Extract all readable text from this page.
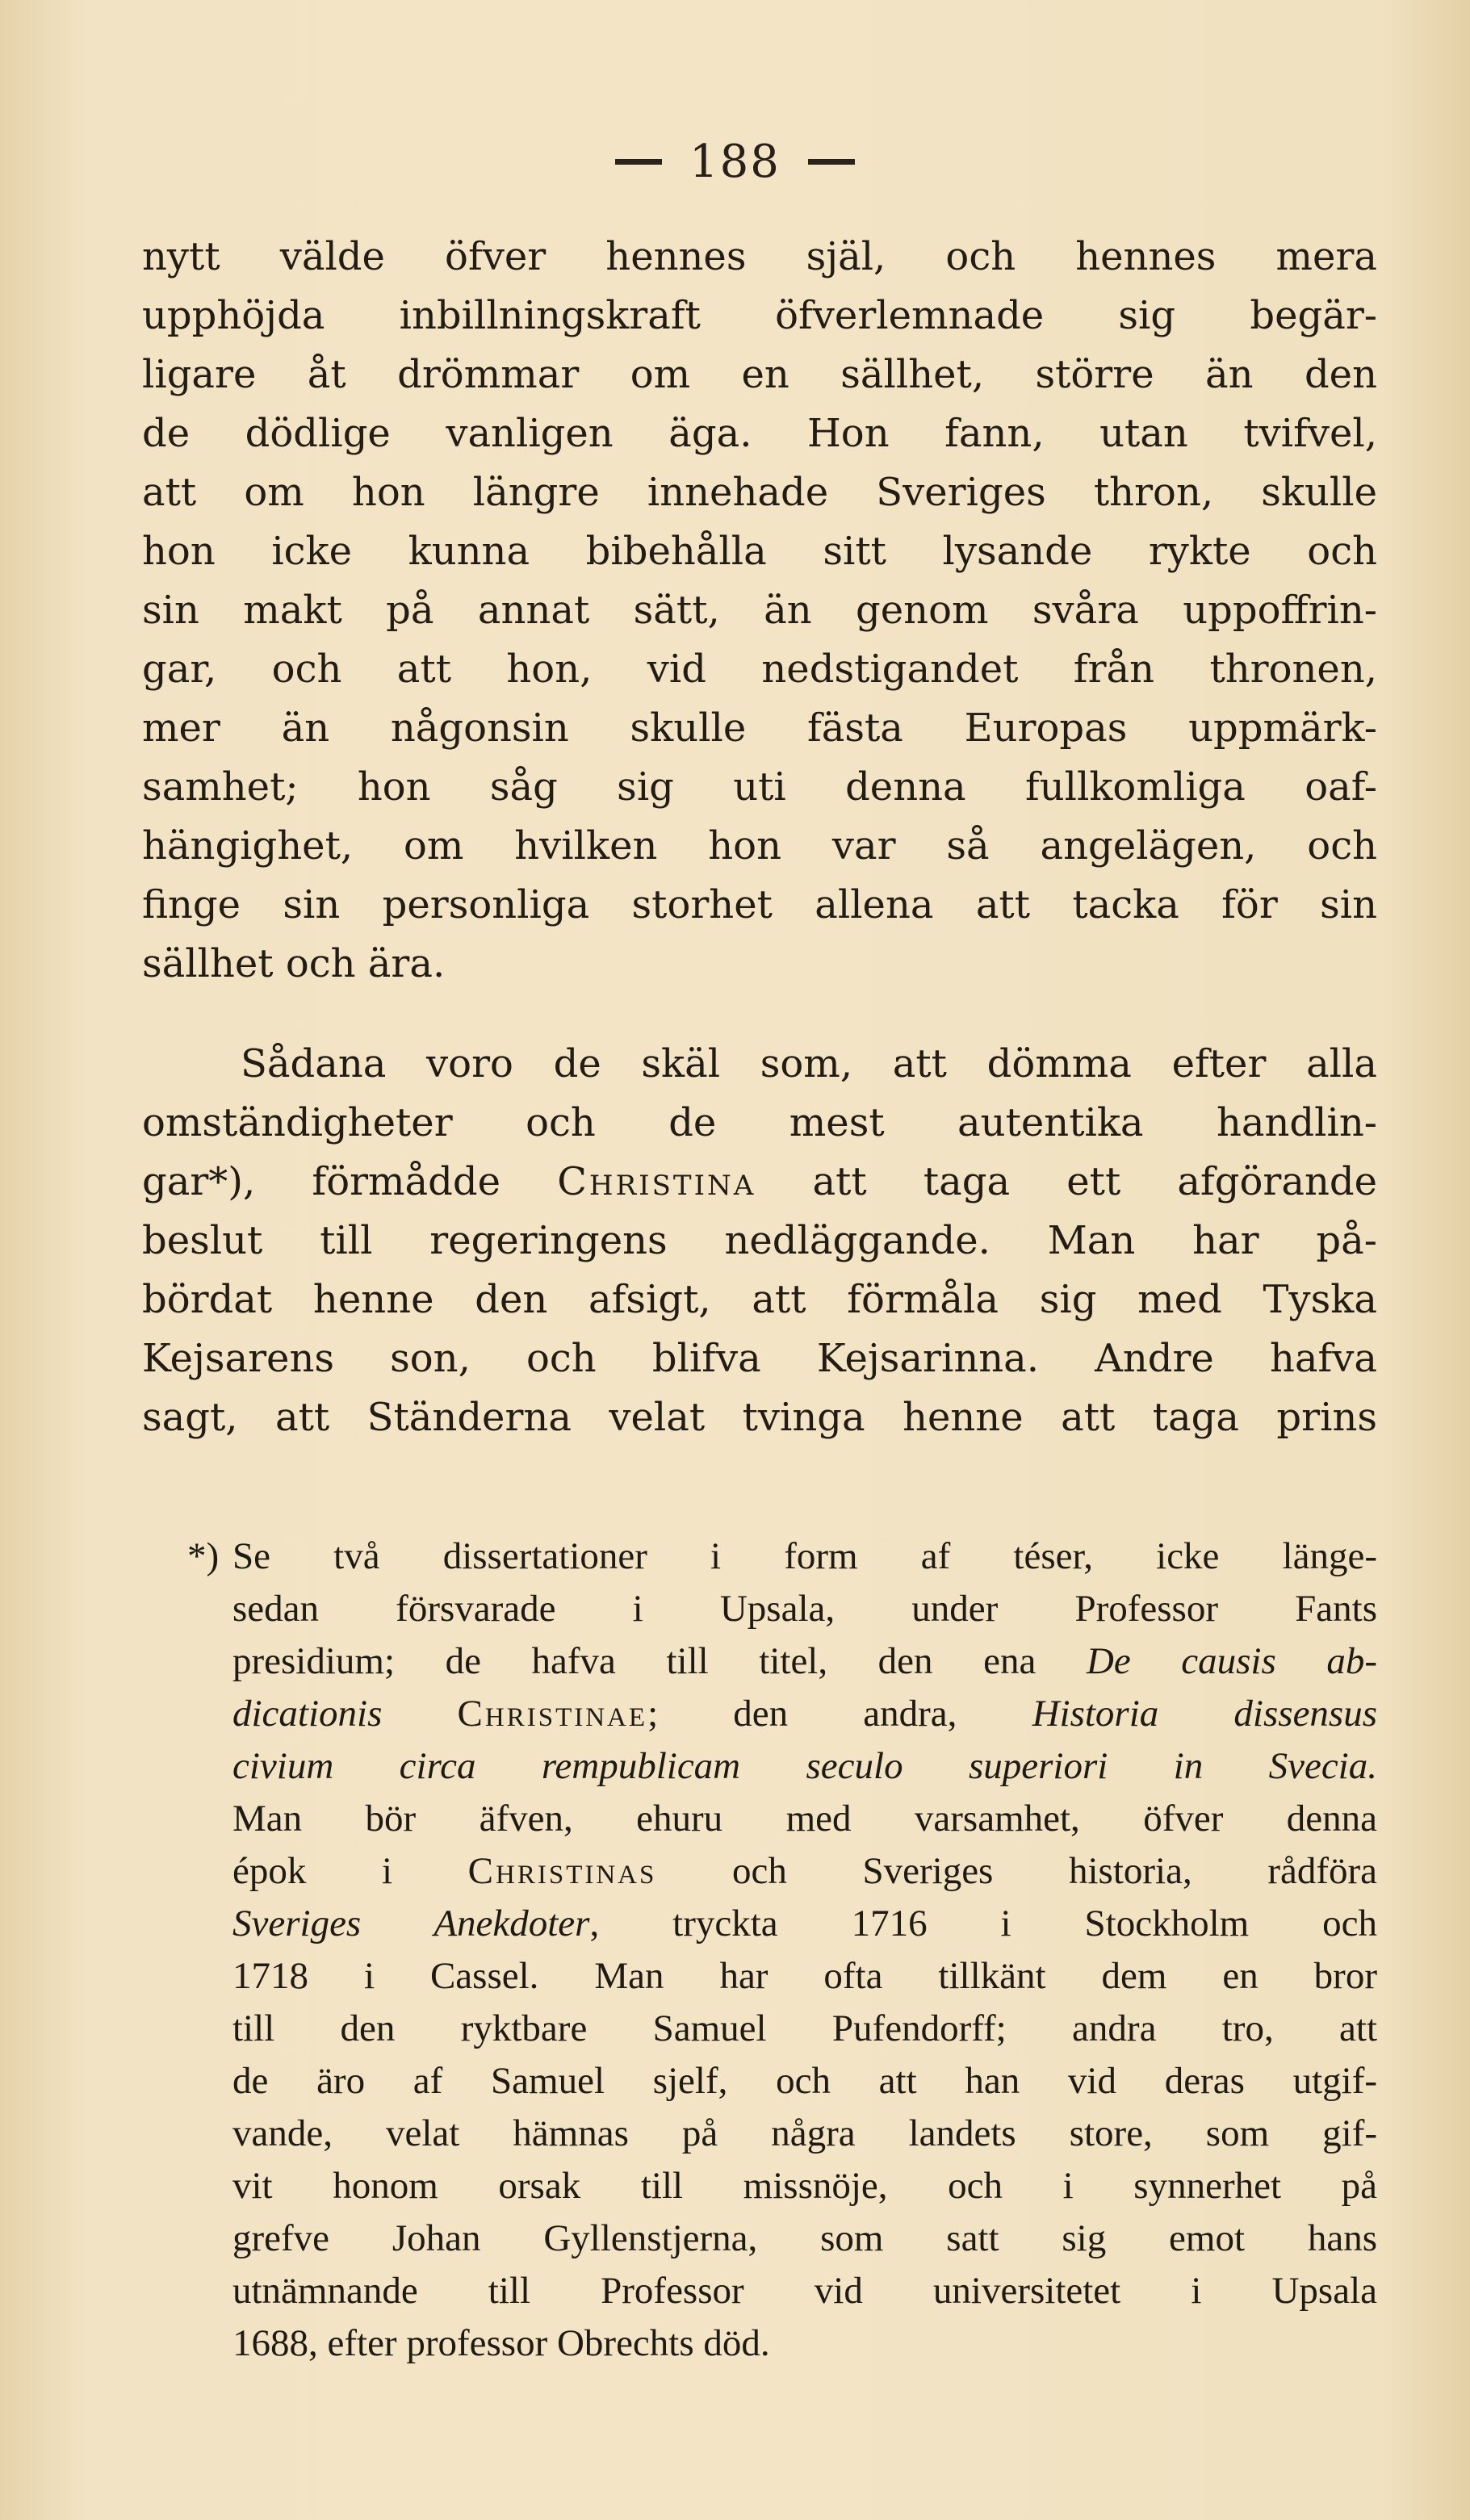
188
nytt välde öfver hennes själ, och hennes mera
upphöjda inbillningskraft öfverlemnade sig begär-
ligare åt drömmar om en sällhet, större än den
de dödlige vanligen äga. Hon fann, utan tvifvel,
att om hon längre innehade Sveriges thron, skulle
hon icke kunna bibehålla sitt lysande rykte och
sin makt på annat sätt, än genom svåra uppoffrin-
gar, och att hon, vid nedstigandet från thronen,
mer än någonsin skulle fästa Europas uppmärk-
samhet; hon såg sig uti denna fullkomliga oaf-
hängighet, om hvilken hon var så angelägen, och
finge sin personliga storhet allena att tacka för sin
sällhet och ära.
Sådana voro de skäl som, att dömma efter alla
omständigheter och de mest autentika handlin-
gar*), förmådde Christina att taga ett afgörande
beslut till regeringens nedläggande. Man har på-
bördat henne den afsigt, att förmåla sig med Tyska
Kejsarens son, och blifva Kejsarinna. Andre hafva
sagt, att Ständerna velat tvinga henne att taga prins
*) Se två dissertationer i form af téser, icke länge-
sedan försvarade i Upsala, under Professor Fants
presidium; de hafva till titel, den ena De causis ab-
dicationis Christinae; den andra, Historia dissensus
civium circa rempublicam seculo superiori in Svecia.
Man bör äfven, ehuru med varsamhet, öfver denna
épok i Christinas och Sveriges historia, rådföra
Sveriges Anekdoter, tryckta 1716 i Stockholm och
1718 i Cassel. Man har ofta tillkänt dem en bror
till den ryktbare Samuel Pufendorff; andra tro, att
de äro af Samuel sjelf, och att han vid deras utgif-
vande, velat hämnas på några landets store, som gif-
vit honom orsak till missnöje, och i synnerhet på
grefve Johan Gyllenstjerna, som satt sig emot hans
utnämnande till Professor vid universitetet i Upsala
1688, efter professor Obrechts död.
